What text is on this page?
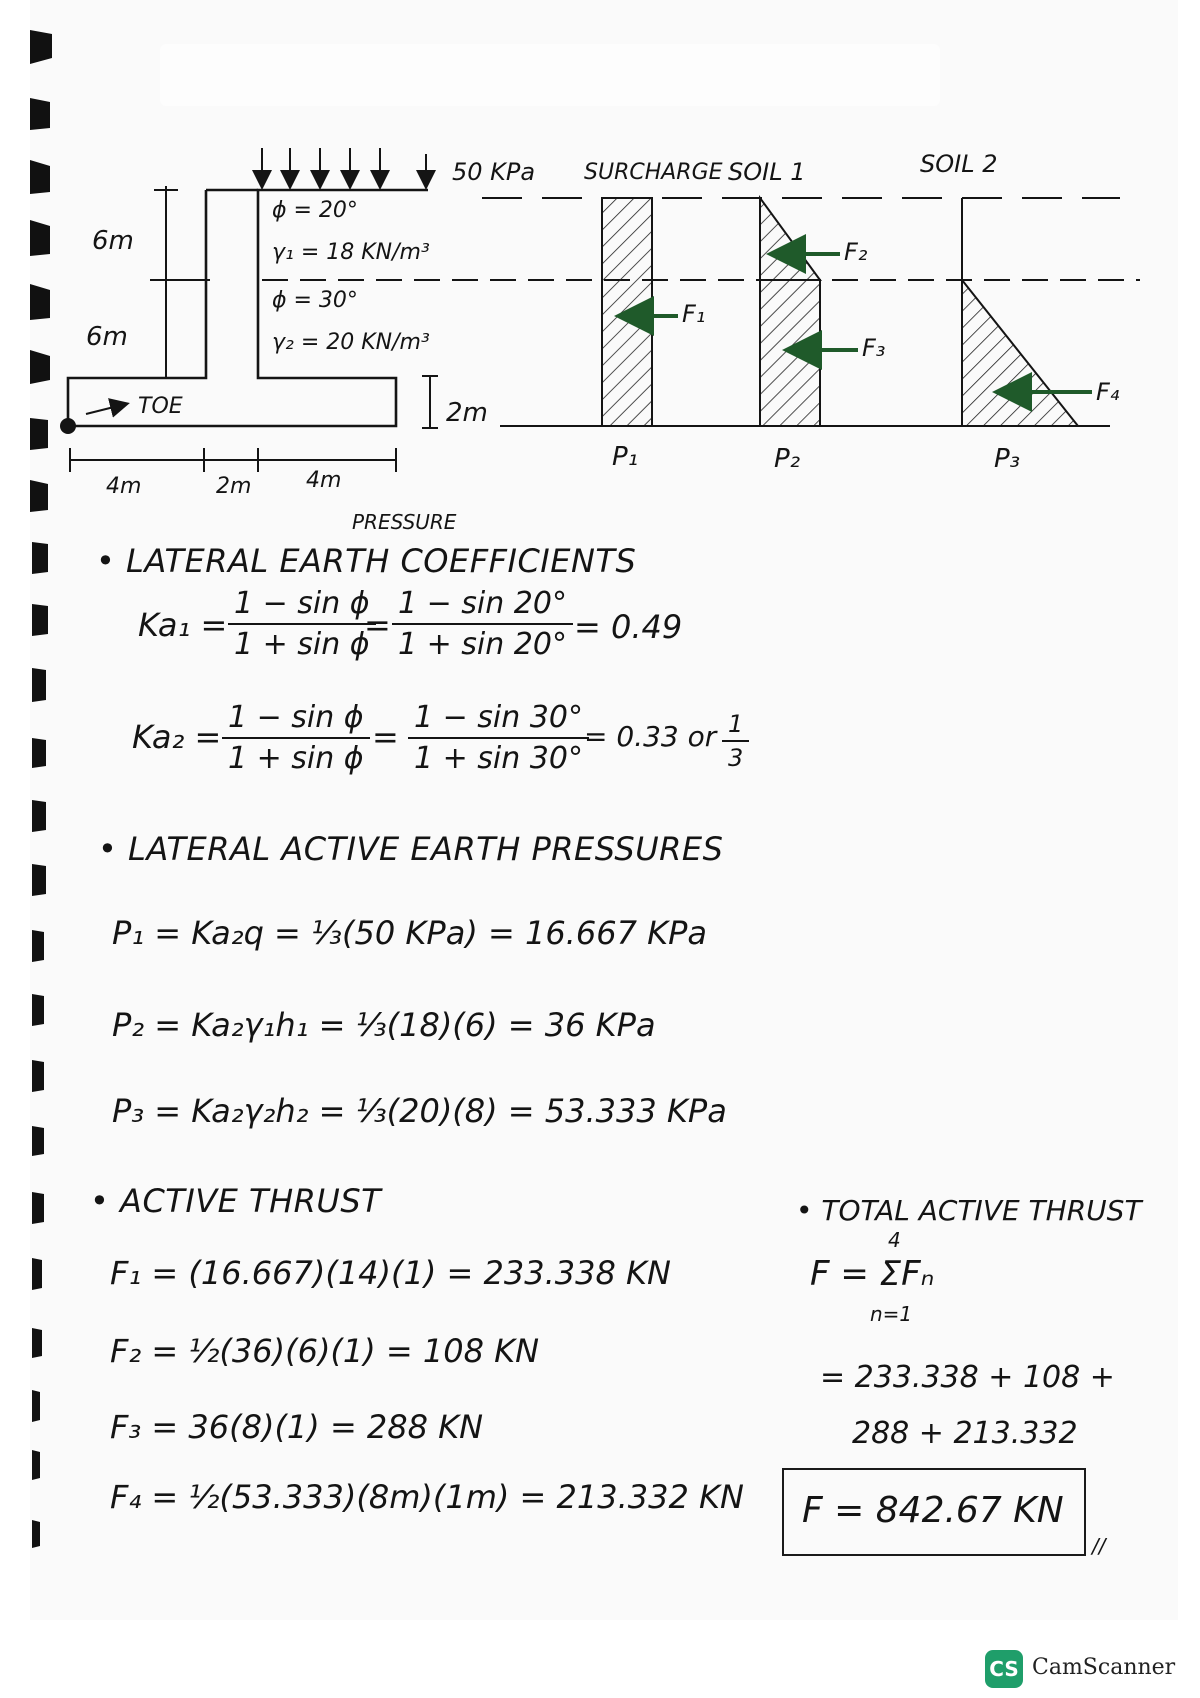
50 KPa SURCHARGE SOIL 1	SOIL 2
6m
6m
ϕ = 20°
γ₁ = 18 KN/m³
ϕ = 30°
γ₂ = 20 KN/m³
2m
TOE
4m	2m 4m
P₁	P₂	P₃
F₁
F₂
F₃
F₄
PRESSURE
• LATERAL EARTH COEFFICIENTS
$Ka_1 = \frac{\text{1 − sin ϕ}}{\text{1 + sin ϕ}}$
= $\frac{1 - \sin 20^\circ}{1 + \sin 20^\circ} = 0.49$
$Ka_2 = \frac{\text{1 − sin ϕ}}{\text{1 + sin ϕ}} = \frac{1 - \sin 30^\circ}{1 + \sin 30^\circ}$
= 0.33 or $\frac{1}{3}$
• LATERAL ACTIVE EARTH PRESSURES
P₁ = Ka₂q = ⅓(50 KPa) = 16.667 KPa
P₂ = Ka₂γ₁h₁ = ⅓(18)(6) = 36 KPa
P₃ = Ka₂γ₂h₂ = ⅓(20)(8) = 53.333 KPa
• ACTIVE THRUST
F₁ = (16.667)(14)(1) = 233.338 KN
F₂ = ½(36)(6)(1) = 108 KN
F₃ = 36(8)(1) = 288 KN
F₄ = ½(53.333)(8m)(1m) = 213.332 KN
• TOTAL ACTIVE THRUST
4
F = ΣFₙ
n=1
= 233.338 + 108 +
288 + 213.332
F = 842.67 KN
//
CS CamScanner
